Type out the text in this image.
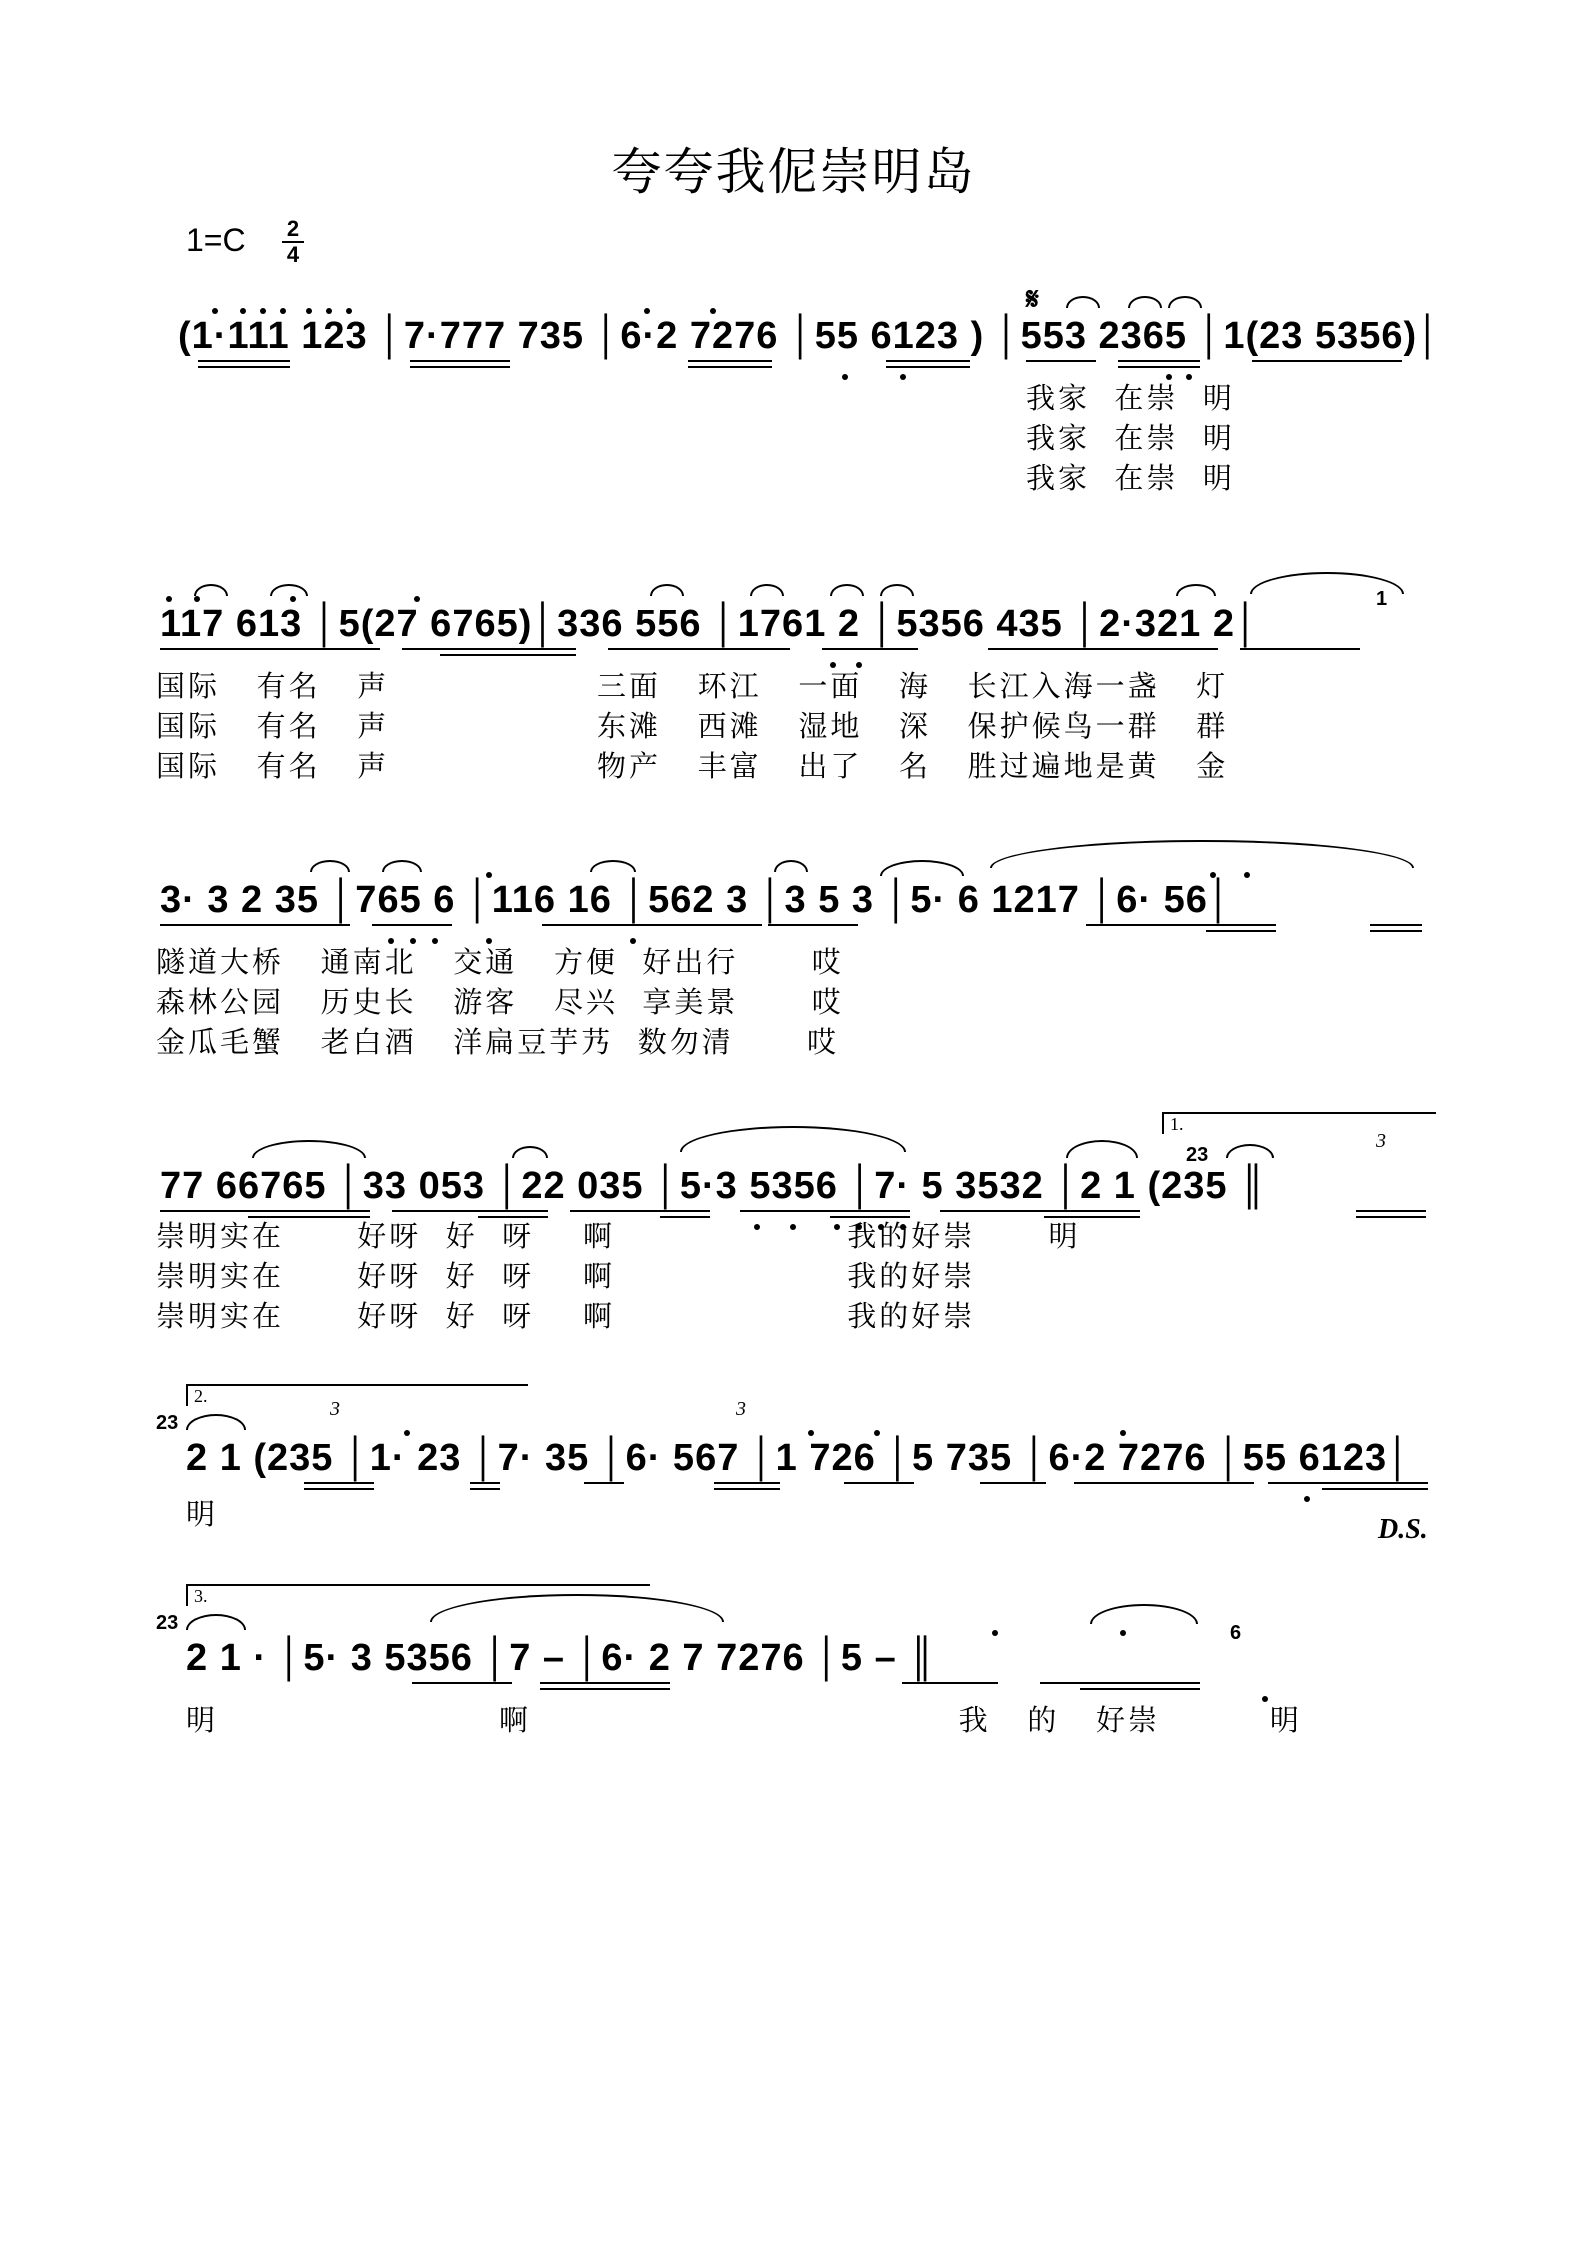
夸夸我伲崇明岛
1=C 2
4
𝄋
(1·111 123 │7·777 735 │6·2 7276 │55 6123 ) │553 2365 │1(23 5356)│
我家  在崇  明
我家  在崇  明
我家  在崇  明
117 613 │5(27 6765)│336 556 │1761 2 │5356 435 │2·321 2│
1
国际   有名   声                 三面   环江   一面   海   长江入海一盏   灯
国际   有名   声                 东滩   西滩   湿地   深   保护候鸟一群   群
国际   有名   声                 物产   丰富   出了   名   胜过遍地是黄   金
3· 3 2 35 │765 6 │116 16 │562 3 │3 5 3 │5· 6 1217 │6· 56│
隧道大桥   通南北   交通   方便  好出行      哎
森林公园   历史长   游客   尽兴  享美景      哎
金瓜毛蟹   老白酒   洋扁豆芋艿  数勿清      哎
1.
77 66765 │33 053 │22 035 │5·3 5356 │7· 5 3532 │2 1 (235 ║
3
23
崇明实在      好呀  好  呀    啊                   我的好崇      明
崇明实在      好呀  好  呀    啊                   我的好崇
崇明实在      好呀  好  呀    啊                   我的好崇
2.
23
2 1 (235 │1· 23 │7· 35 │6· 567 │1 726 │5 735 │6·2 7276 │55 6123│
3	3
明	D.S.
3.
23	6
2 1 · │5· 3 5356 │7 – │6· 2 7 7276 │5 – ║
明                       啊                                   我   的   好崇         明
